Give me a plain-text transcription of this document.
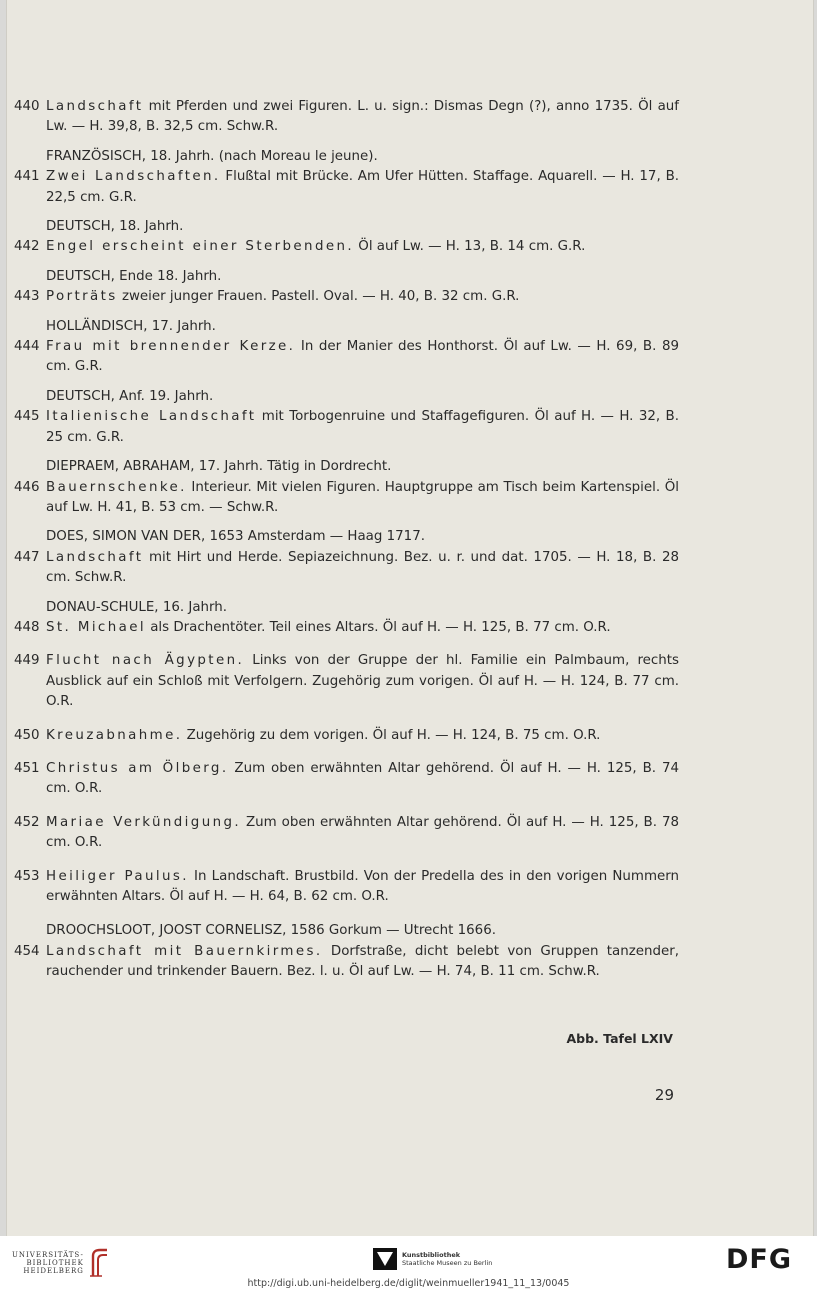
440 Landschaft mit Pferden und zwei Figuren. L. u. sign.: Dismas Degn (?), anno 1735. Öl auf Lw. — H. 39,8, B. 32,5 cm. Schw.R.
FRANZÖSISCH, 18. Jahrh. (nach Moreau le jeune).
441 Zwei Landschaften. Flußtal mit Brücke. Am Ufer Hütten. Staffage. Aquarell. — H. 17, B. 22,5 cm. G.R.
DEUTSCH, 18. Jahrh.
442 Engel erscheint einer Sterbenden. Öl auf Lw. — H. 13, B. 14 cm. G.R.
DEUTSCH, Ende 18. Jahrh.
443 Porträts zweier junger Frauen. Pastell. Oval. — H. 40, B. 32 cm. G.R.
HOLLÄNDISCH, 17. Jahrh.
444 Frau mit brennender Kerze. In der Manier des Honthorst. Öl auf Lw. — H. 69, B. 89 cm. G.R.
DEUTSCH, Anf. 19. Jahrh.
445 Italienische Landschaft mit Torbogenruine und Staffagefiguren. Öl auf H. — H. 32, B. 25 cm. G.R.
DIEPRAEM, ABRAHAM, 17. Jahrh. Tätig in Dordrecht.
446 Bauernschenke. Interieur. Mit vielen Figuren. Hauptgruppe am Tisch beim Kartenspiel. Öl auf Lw. H. 41, B. 53 cm. — Schw.R.
DOES, SIMON VAN DER, 1653 Amsterdam — Haag 1717.
447 Landschaft mit Hirt und Herde. Sepiazeichnung. Bez. u. r. und dat. 1705. — H. 18, B. 28 cm. Schw.R.
DONAU-SCHULE, 16. Jahrh.
448 St. Michael als Drachentöter. Teil eines Altars. Öl auf H. — H. 125, B. 77 cm. O.R.
449 Flucht nach Ägypten. Links von der Gruppe der hl. Familie ein Palmbaum, rechts Ausblick auf ein Schloß mit Verfolgern. Zugehörig zum vorigen. Öl auf H. — H. 124, B. 77 cm. O.R.
450 Kreuzabnahme. Zugehörig zu dem vorigen. Öl auf H. — H. 124, B. 75 cm. O.R.
451 Christus am Ölberg. Zum oben erwähnten Altar gehörend. Öl auf H. — H. 125, B. 74 cm. O.R.
452 Mariae Verkündigung. Zum oben erwähnten Altar gehörend. Öl auf H. — H. 125, B. 78 cm. O.R.
453 Heiliger Paulus. In Landschaft. Brustbild. Von der Predella des in den vorigen Nummern erwähnten Altars. Öl auf H. — H. 64, B. 62 cm. O.R.
DROOCHSLOOT, JOOST CORNELISZ, 1586 Gorkum — Utrecht 1666.
454 Landschaft mit Bauernkirmes. Dorfstraße, dicht belebt von Gruppen tanzender, rauchender und trinkender Bauern. Bez. l. u. Öl auf Lw. — H. 74, B. 11 cm. Schw.R.
Abb. Tafel LXIV
29
UNIVERSITÄTS-
BIBLIOTHEK
HEIDELBERG
Kunstbibliothek
Staatliche Museen zu Berlin	DFG
http://digi.ub.uni-heidelberg.de/diglit/weinmueller1941_11_13/0045
